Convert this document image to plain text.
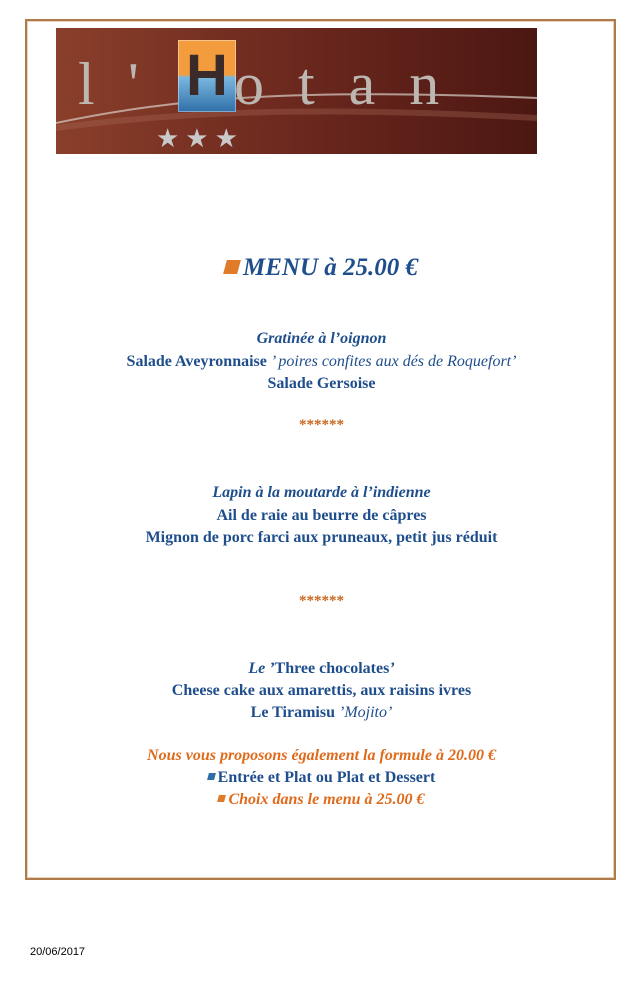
l ' H otan
★★★
MENU à 25.00 €
Gratinée à l’oignon
Salade Aveyronnaise ’ poires confites aux dés de Roquefort’
Salade Gersoise
******
Lapin à la moutarde à l’indienne
Ail de raie au beurre de câpres
Mignon de porc farci aux pruneaux, petit jus réduit
******
Le ’Three chocolates’
Cheese cake aux amarettis, aux raisins ivres
Le Tiramisu ’Mojito’
Nous vous proposons également la formule à 20.00 €
Entrée et Plat ou Plat et Dessert
Choix dans le menu à 25.00 €
20/06/2017
